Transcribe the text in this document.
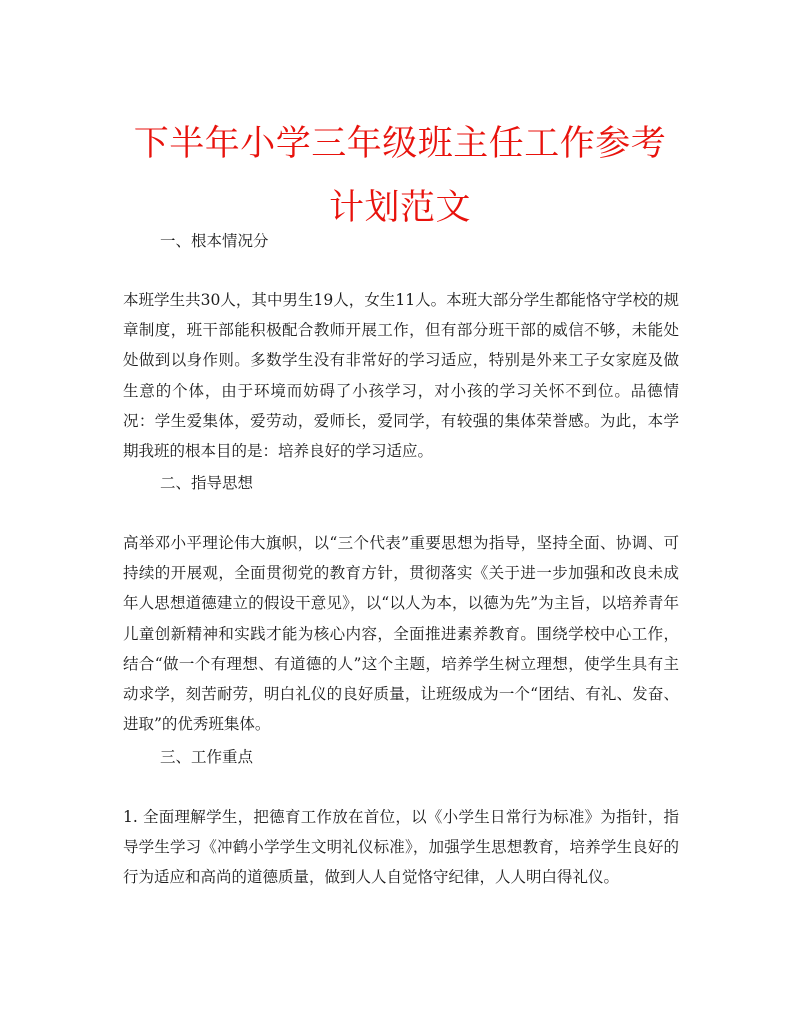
下半年小学三年级班主任工作参考计划范文

一、根本情况分

本班学生共30人，其中男生19人，女生11人。本班大部分学生都能恪守学校的规章制度，班干部能积极配合教师开展工作，但有部分班干部的威信不够，未能处处做到以身作则。多数学生没有非常好的学习适应，特别是外来工子女家庭及做生意的个体，由于环境而妨碍了小孩学习，对小孩的学习关怀不到位。品德情况：学生爱集体，爱劳动，爱师长，爱同学，有较强的集体荣誉感。为此，本学期我班的根本目的是：培养良好的学习适应。

二、指导思想

高举邓小平理论伟大旗帜，以“三个代表”重要思想为指导，坚持全面、协调、可持续的开展观，全面贯彻党的教育方针，贯彻落实《关于进一步加强和改良未成年人思想道德建立的假设干意见》，以“以人为本，以德为先”为主旨，以培养青年儿童创新精神和实践才能为核心内容，全面推进素养教育。围绕学校中心工作，结合“做一个有理想、有道德的人”这个主题，培养学生树立理想，使学生具有主动求学，刻苦耐劳，明白礼仪的良好质量，让班级成为一个“团结、有礼、发奋、进取”的优秀班集体。

三、工作重点

1. 全面理解学生，把德育工作放在首位，以《小学生日常行为标准》为指针，指导学生学习《冲鹤小学学生文明礼仪标准》，加强学生思想教育，培养学生良好的行为适应和高尚的道德质量，做到人人自觉恪守纪律，人人明白得礼仪。
